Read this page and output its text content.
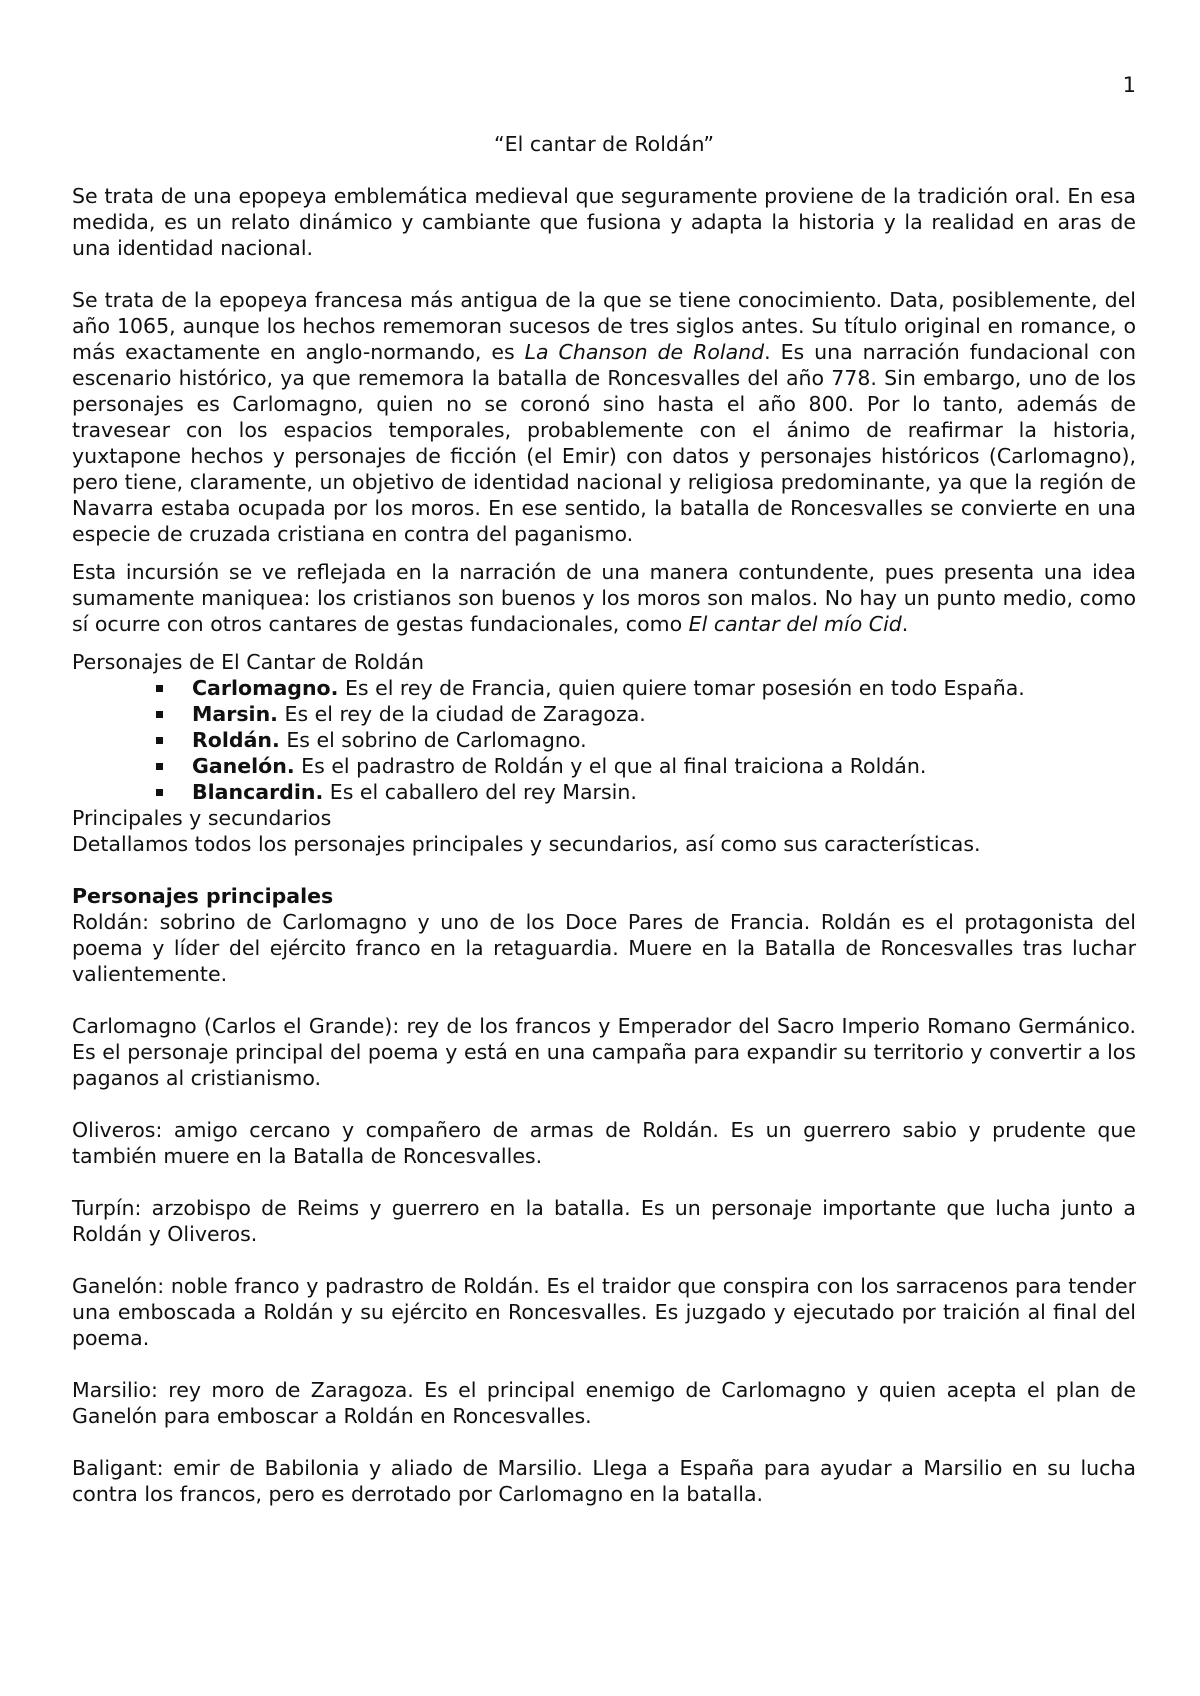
1
“El cantar de Roldán”

Se trata de una epopeya emblemática medieval que seguramente proviene de la tradición oral. En esa medida, es un relato dinámico y cambiante que fusiona y adapta la historia y la realidad en aras de una identidad nacional.

Se trata de la epopeya francesa más antigua de la que se tiene conocimiento. Data, posiblemente, del año 1065, aunque los hechos rememoran sucesos de tres siglos antes. Su título original en romance, o más exactamente en anglo-normando, es La Chanson de Roland. Es una narración fundacional con escenario histórico, ya que rememora la batalla de Roncesvalles del año 778. Sin embargo, uno de los personajes es Carlomagno, quien no se coronó sino hasta el año 800. Por lo tanto, además de travesear con los espacios temporales, probablemente con el ánimo de reafirmar la historia, yuxtapone hechos y personajes de ficción (el Emir) con datos y personajes históricos (Carlomagno), pero tiene, claramente, un objetivo de identidad nacional y religiosa predominante, ya que la región de Navarra estaba ocupada por los moros. En ese sentido, la batalla de Roncesvalles se convierte en una especie de cruzada cristiana en contra del paganismo.

Esta incursión se ve reflejada en la narración de una manera contundente, pues presenta una idea sumamente maniquea: los cristianos son buenos y los moros son malos. No hay un punto medio, como sí ocurre con otros cantares de gestas fundacionales, como El cantar del mío Cid.

Personajes de El Cantar de Roldán

Carlomagno. Es el rey de Francia, quien quiere tomar posesión en todo España.
Marsin. Es el rey de la ciudad de Zaragoza.
Roldán. Es el sobrino de Carlomagno.
Ganelón. Es el padrastro de Roldán y el que al final traiciona a Roldán.
Blancardin. Es el caballero del rey Marsin.

Principales y secundarios

Detallamos todos los personajes principales y secundarios, así como sus características.

Personajes principales

Roldán: sobrino de Carlomagno y uno de los Doce Pares de Francia. Roldán es el protagonista del poema y líder del ejército franco en la retaguardia. Muere en la Batalla de Roncesvalles tras luchar valientemente.

Carlomagno (Carlos el Grande): rey de los francos y Emperador del Sacro Imperio Romano Germánico. Es el personaje principal del poema y está en una campaña para expandir su territorio y convertir a los paganos al cristianismo.

Oliveros: amigo cercano y compañero de armas de Roldán. Es un guerrero sabio y prudente que también muere en la Batalla de Roncesvalles.

Turpín: arzobispo de Reims y guerrero en la batalla. Es un personaje importante que lucha junto a Roldán y Oliveros.

Ganelón: noble franco y padrastro de Roldán. Es el traidor que conspira con los sarracenos para tender una emboscada a Roldán y su ejército en Roncesvalles. Es juzgado y ejecutado por traición al final del poema.

Marsilio: rey moro de Zaragoza. Es el principal enemigo de Carlomagno y quien acepta el plan de Ganelón para emboscar a Roldán en Roncesvalles.

Baligant: emir de Babilonia y aliado de Marsilio. Llega a España para ayudar a Marsilio en su lucha contra los francos, pero es derrotado por Carlomagno en la batalla.
